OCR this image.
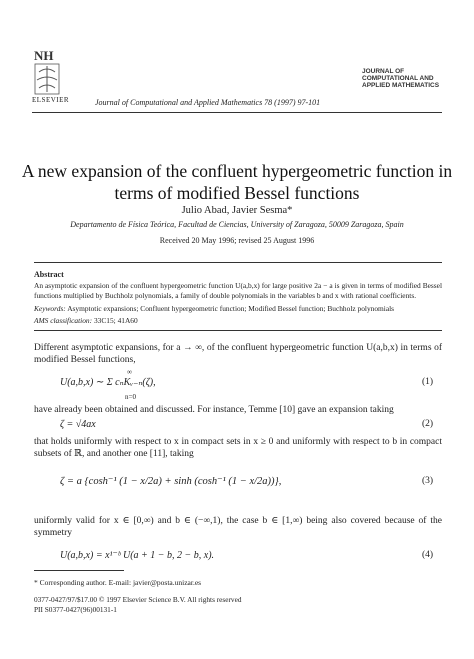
NH
ELSEVIER	Journal of Computational and Applied Mathematics 78 (1997) 97-101
JOURNAL OF
COMPUTATIONAL AND
APPLIED MATHEMATICS
A new expansion of the confluent hypergeometric function in
terms of modified Bessel functions
Julio Abad, Javier Sesma*
Departamento de Física Teórica, Facultad de Ciencias, University of Zaragoza, 50009 Zaragoza, Spain
Received 20 May 1996; revised 25 August 1996
Abstract
An asymptotic expansion of the confluent hypergeometric function U(a,b,x) for large positive 2a − a is given in terms of modified Bessel functions multiplied by Buchholz polynomials, a family of double polynomials in the variables b and x with rational coefficients.
Keywords: Asymptotic expansions; Confluent hypergeometric function; Modified Bessel function; Buchholz polynomials
AMS classification: 33C15; 41A60
Different asymptotic expansions, for a → ∞, of the confluent hypergeometric function U(a,b,x) in terms of modified Bessel functions,
U(a,b,x) ∼ Σ cₙKᵥ₋ₙ(ζ),
∞
n=0
(1)
have already been obtained and discussed. For instance, Temme [10] gave an expansion taking
ζ = √4ax	(2)
that holds uniformly with respect to x in compact sets in x ≥ 0 and uniformly with respect to b in compact subsets of ℝ, and another one [11], taking
ζ = a {cosh⁻¹ (1 − x/2a) + sinh (cosh⁻¹ (1 − x/2a))},	(3)
uniformly valid for x ∈ [0,∞) and b ∈ (−∞,1), the case b ∈ [1,∞) being also covered because of the symmetry
U(a,b,x) = x¹⁻ᵇ U(a + 1 − b, 2 − b, x).	(4)
* Corresponding author. E-mail: javier@posta.unizar.es
0377-0427/97/$17.00 © 1997 Elsevier Science B.V. All rights reserved
PII S0377-0427(96)00131-1
